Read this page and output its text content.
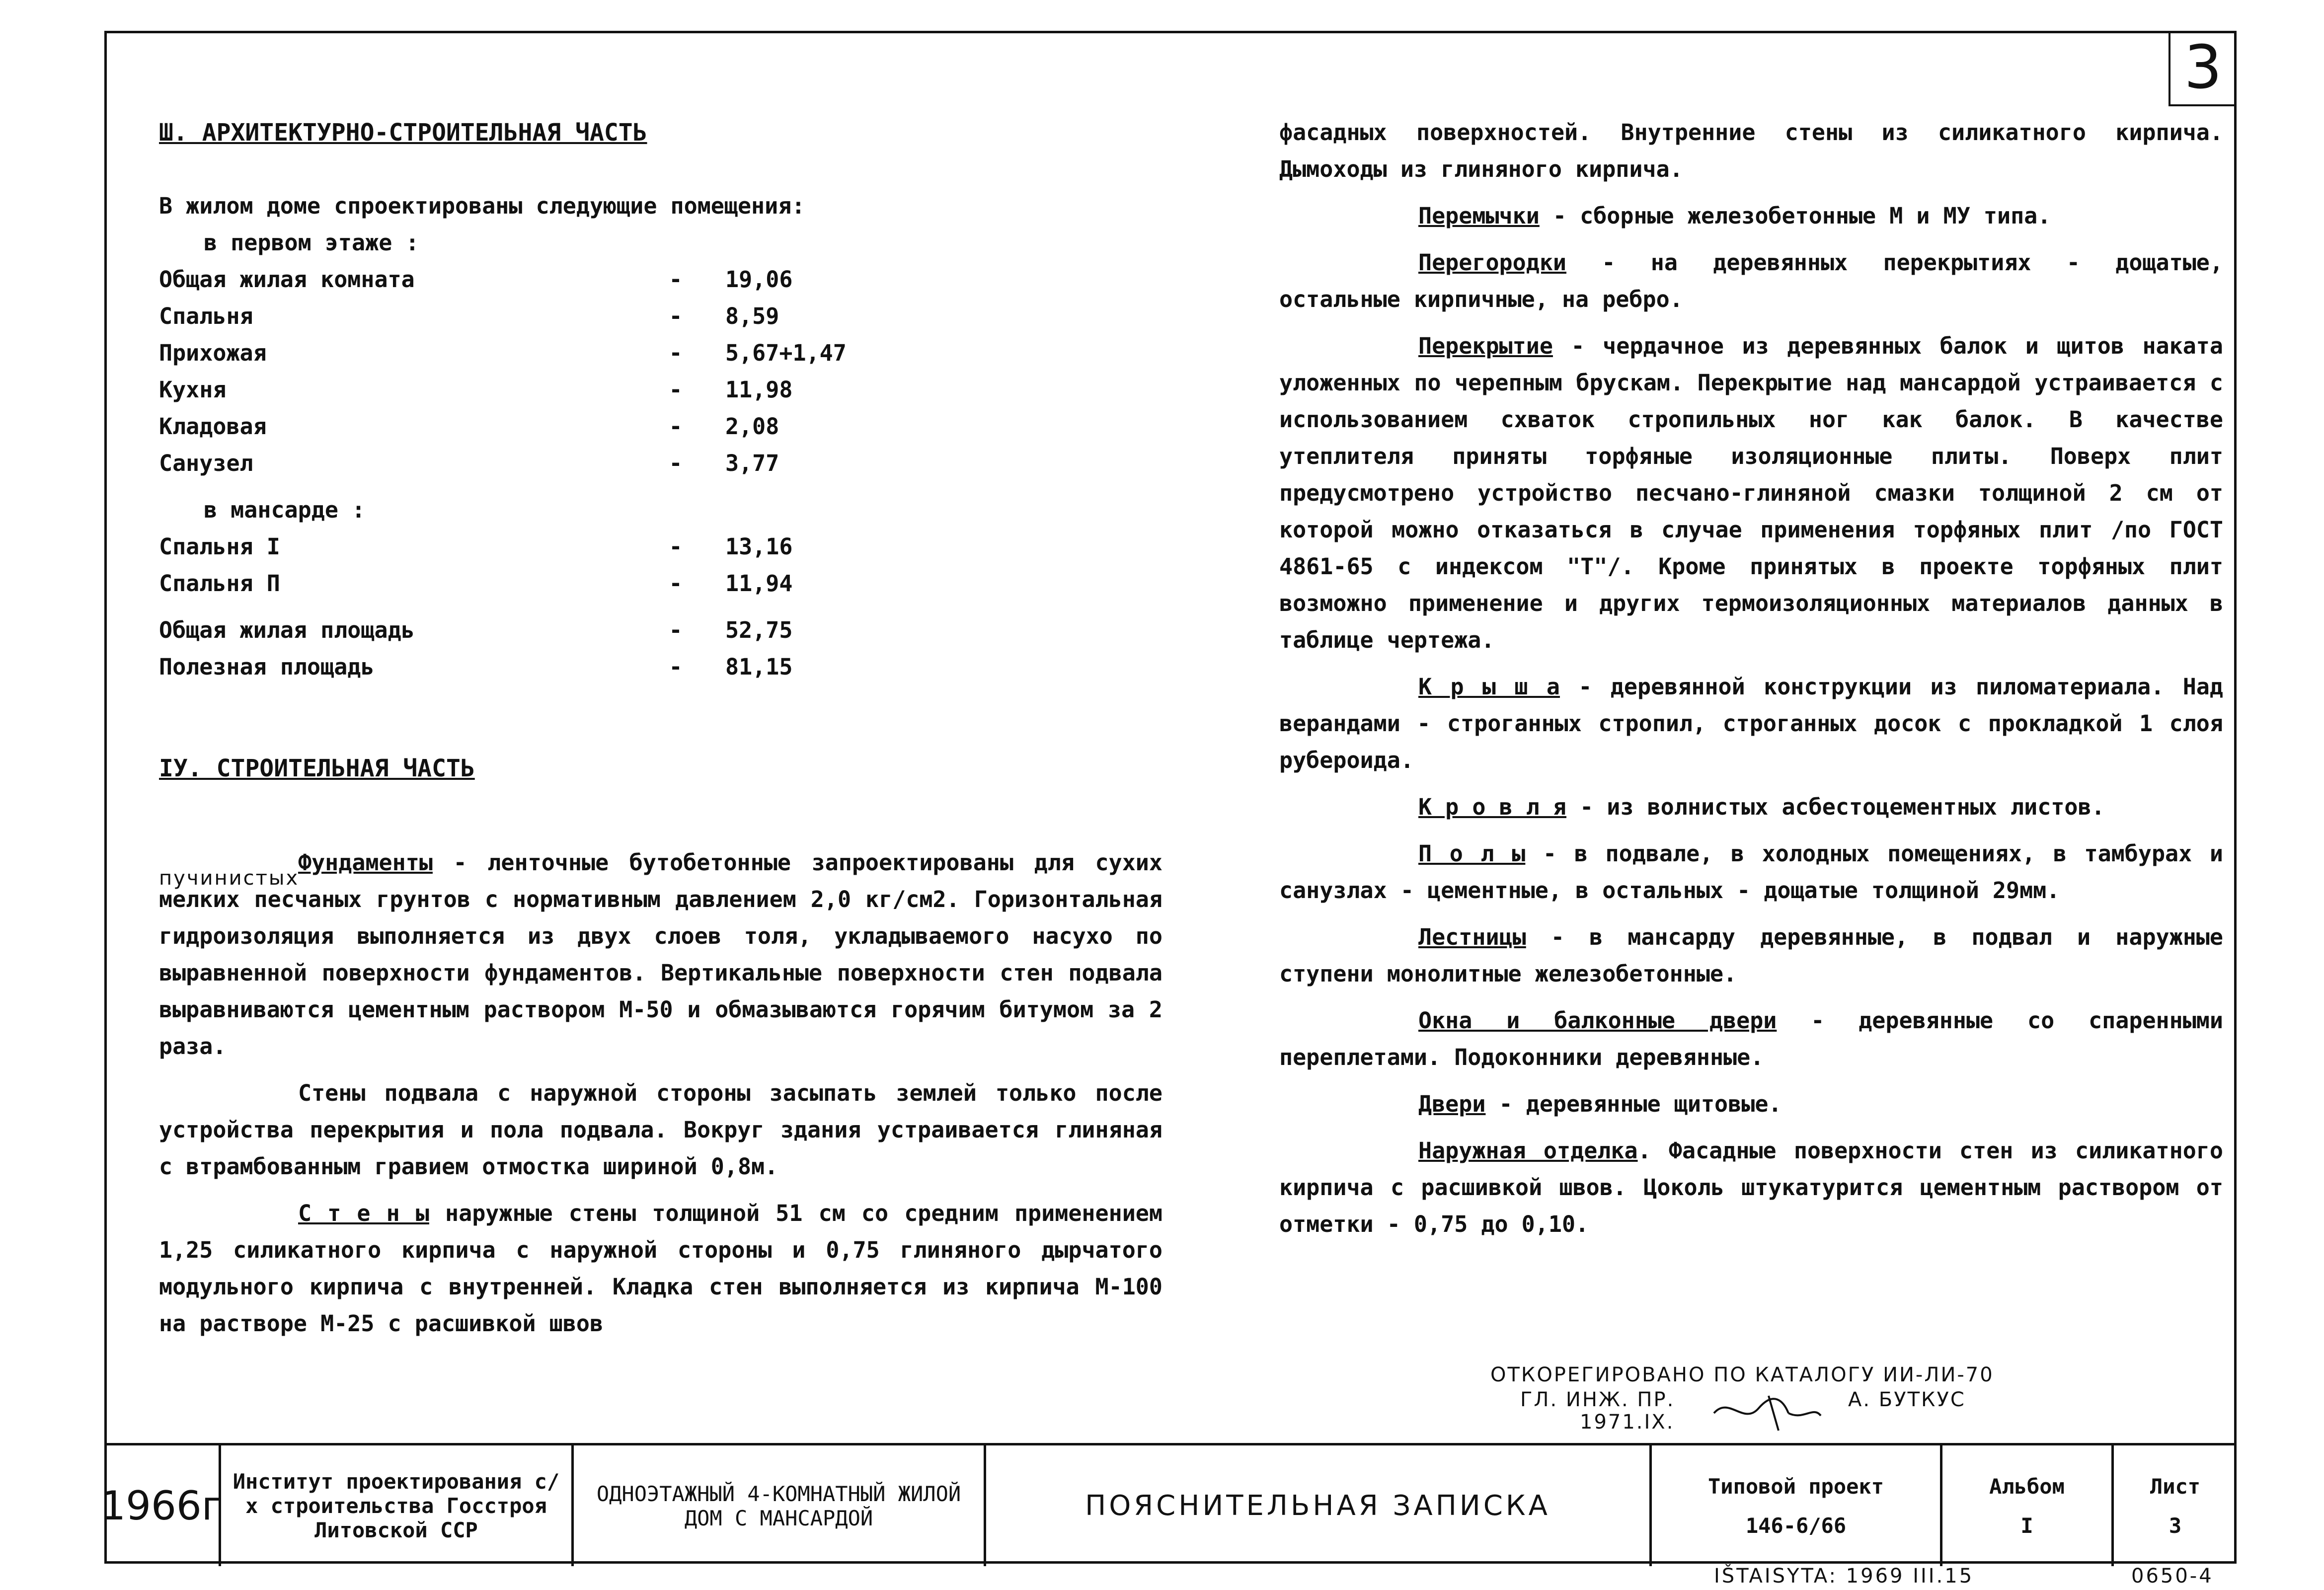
3
Ш. АРХИТЕКТУРНО-СТРОИТЕЛЬНАЯ ЧАСТЬ
В жилом доме спроектированы следующие помещения:
в первом этаже :
Общая жилая комната	-	19,06
Спальня	-	8,59
Прихожая	-	5,67+1,47
Кухня	-	11,98
Кладовая	-	2,08
Санузел	-	3,77
в мансарде :
Спальня I	-	13,16
Спальня П	-	11,94
Общая жилая площадь	-	52,75
Полезная площадь	-	81,15
IУ. СТРОИТЕЛЬНАЯ ЧАСТЬ

Фундаменты - ленточные бутобетонные запроектированы для сухих мелких песчаных грунтов с нормативным давлением 2,0 кг/см2. Горизонтальная гидроизоляция выполняется из двух слоев толя, укладываемого насухо по выравненной поверхности фундаментов. Вертикальные поверхности стен подвала выравниваются цементным раствором М-50 и обмазываются горячим битумом за 2 раза.

Стены подвала с наружной стороны засыпать землей только после устройства перекрытия и пола подвала. Вокруг здания устраивается глиняная с втрамбованным гравием отмостка шириной 0,8м.

С т е н ы наружные стены толщиной 51 см со средним применением 1,25 силикатного кирпича с наружной стороны и 0,75 глиняного дырчатого модульного кирпича с внутренней. Кладка стен выполняется из кирпича М-100 на растворе М-25 с расшивкой швов

пучинистых

фасадных поверхностей. Внутренние стены из силикатного кирпича. Дымоходы из глиняного кирпича.

Перемычки - сборные железобетонные М и МУ типа.

Перегородки - на деревянных перекрытиях - дощатые, остальные кирпичные, на ребро.

Перекрытие - чердачное из деревянных балок и щитов наката уложенных по черепным брускам. Перекрытие над мансардой устраивается с использованием схваток стропильных ног как балок. В качестве утеплителя приняты торфяные изоляционные плиты. Поверх плит предусмотрено устройство песчано-глиняной смазки толщиной 2 см от которой можно отказаться в случае применения торфяных плит /по ГОСТ 4861-65 с индексом "Т"/. Кроме принятых в проекте торфяных плит возможно применение и других термоизоляционных материалов данных в таблице чертежа.

К р ы ш а - деревянной конструкции из пиломатериала. Над верандами - строганных стропил, строганных досок с прокладкой 1 слоя рубероида.

К р о в л я - из волнистых асбестоцементных листов.

П о л ы - в подвале, в холодных помещениях, в тамбурах и санузлах - цементные, в остальных - дощатые толщиной 29мм.

Лестницы - в мансарду деревянные, в подвал и наружные ступени монолитные железобетонные.

Окна и балконные двери - деревянные со спаренными переплетами. Подоконники деревянные.

Двери - деревянные щитовые.

Наружная отделка. Фасадные поверхности стен из силикатного кирпича с расшивкой швов. Цоколь штукатурится цементным раствором от отметки - 0,75 до 0,10.

ОТКОРЕГИРОВАНО ПО КАТАЛОГУ ИИ-ЛИ-70
ГЛ. ИНЖ. ПР.	А. БУТКУС
1971.IX.
1966г
Институт проектирования с/х строительства Госстроя Литовской ССР
ОДНОЭТАЖНЫЙ 4-КОМНАТНЫЙ ЖИЛОЙ ДОМ С МАНСАРДОЙ	ПОЯСНИТЕЛЬНАЯ ЗАПИСКА
Типовой проект
146-6/66
Альбом
I
Лист
3
IŠTAISYTA: 1969 III.15	0650-4
